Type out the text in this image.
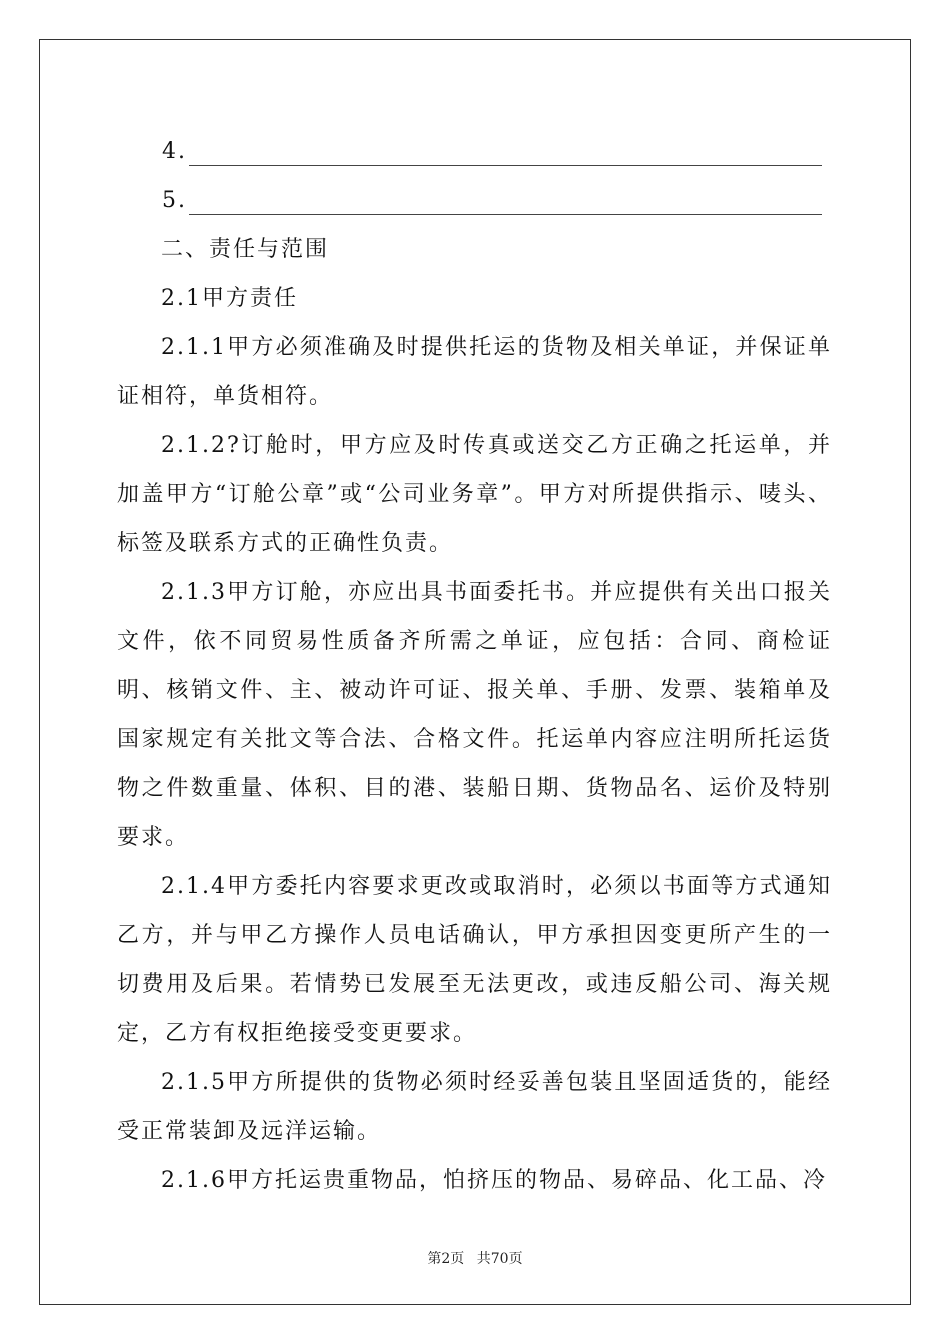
4.
5.

二、责任与范围

2.1甲方责任

2.1.1甲方必须准确及时提供托运的货物及相关单证，并保证单证相符，单货相符。

2.1.2?订舱时，甲方应及时传真或送交乙方正确之托运单，并加盖甲方“订舱公章”或“公司业务章”。甲方对所提供指示、唛头、标签及联系方式的正确性负责。

2.1.3甲方订舱，亦应出具书面委托书。并应提供有关出口报关文件，依不同贸易性质备齐所需之单证，应包括：合同、商检证明、核销文件、主、被动许可证、报关单、手册、发票、装箱单及国家规定有关批文等合法、合格文件。托运单内容应注明所托运货物之件数重量、体积、目的港、装船日期、货物品名、运价及特别要求。

2.1.4甲方委托内容要求更改或取消时，必须以书面等方式通知乙方，并与甲乙方操作人员电话确认，甲方承担因变更所产生的一切费用及后果。若情势已发展至无法更改，或违反船公司、海关规定，乙方有权拒绝接受变更要求。

2.1.5甲方所提供的货物必须时经妥善包装且坚固适货的，能经受正常装卸及远洋运输。

2.1.6甲方托运贵重物品，怕挤压的物品、易碎品、化工品、冷

第2页 共70页
